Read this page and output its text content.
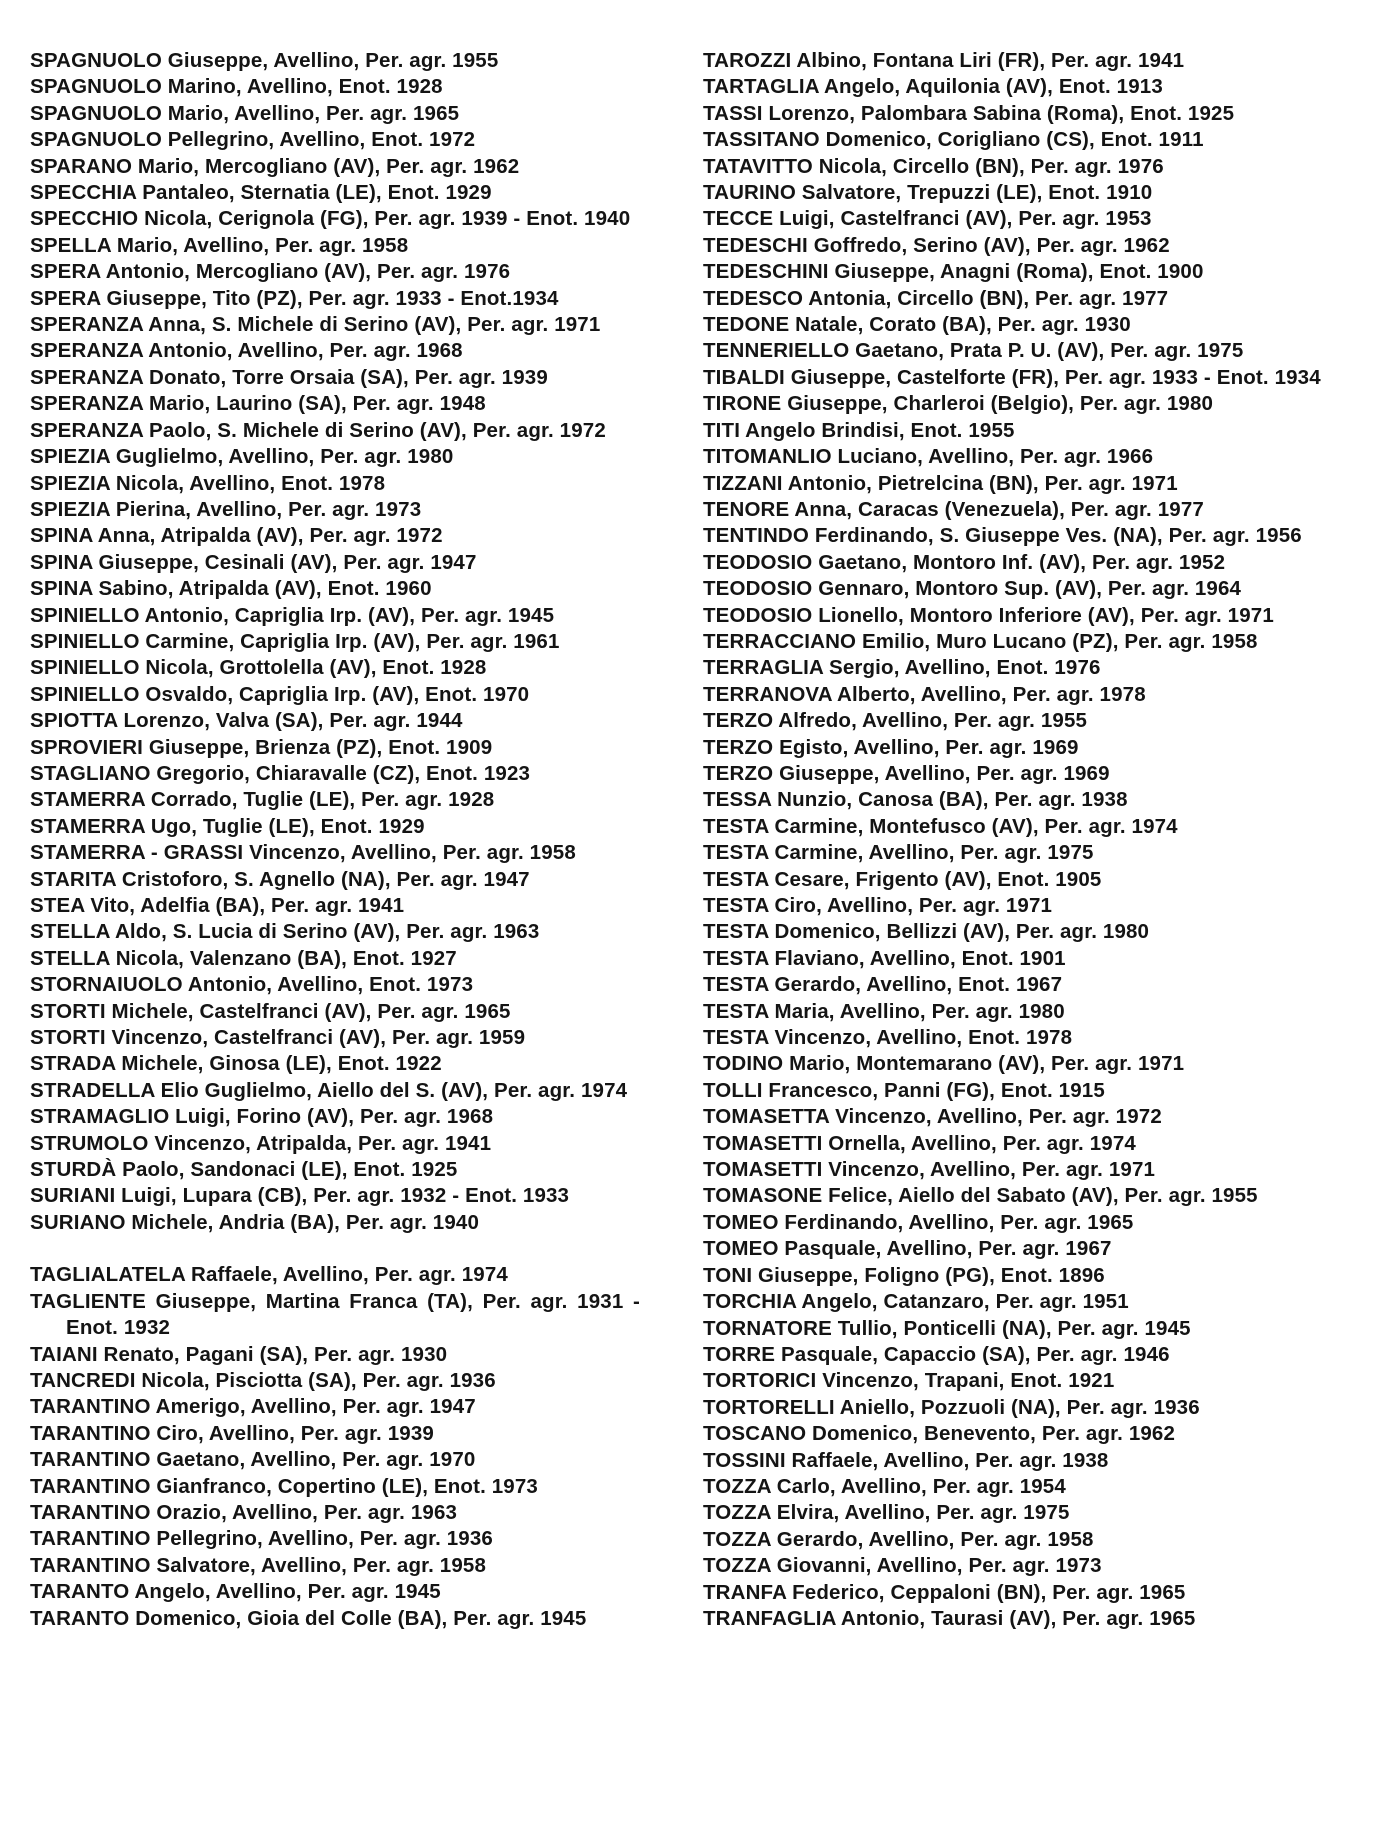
SPAGNUOLO Giuseppe, Avellino, Per. agr. 1955
SPAGNUOLO Marino, Avellino, Enot. 1928
SPAGNUOLO Mario, Avellino, Per. agr. 1965
SPAGNUOLO Pellegrino, Avellino, Enot. 1972
SPARANO Mario, Mercogliano (AV), Per. agr. 1962
SPECCHIA Pantaleo, Sternatia (LE), Enot. 1929
SPECCHIO Nicola, Cerignola (FG), Per. agr. 1939 - Enot. 1940
SPELLA Mario, Avellino, Per. agr. 1958
SPERA Antonio, Mercogliano (AV), Per. agr. 1976
SPERA Giuseppe, Tito (PZ), Per. agr. 1933 - Enot.1934
SPERANZA Anna, S. Michele di Serino (AV), Per. agr. 1971
SPERANZA Antonio, Avellino, Per. agr. 1968
SPERANZA Donato, Torre Orsaia (SA), Per. agr. 1939
SPERANZA Mario, Laurino (SA), Per. agr. 1948
SPERANZA Paolo, S. Michele di Serino (AV), Per. agr. 1972
SPIEZIA Guglielmo, Avellino, Per. agr. 1980
SPIEZIA Nicola, Avellino, Enot. 1978
SPIEZIA Pierina, Avellino, Per. agr. 1973
SPINA Anna, Atripalda (AV), Per. agr. 1972
SPINA Giuseppe, Cesinali (AV), Per. agr. 1947
SPINA Sabino, Atripalda (AV), Enot. 1960
SPINIELLO Antonio, Capriglia Irp. (AV), Per. agr. 1945
SPINIELLO Carmine, Capriglia Irp. (AV), Per. agr. 1961
SPINIELLO Nicola, Grottolella (AV), Enot. 1928
SPINIELLO Osvaldo, Capriglia Irp. (AV), Enot. 1970
SPIOTTA Lorenzo, Valva (SA), Per. agr. 1944
SPROVIERI Giuseppe, Brienza (PZ), Enot. 1909
STAGLIANO Gregorio, Chiaravalle (CZ), Enot. 1923
STAMERRA Corrado, Tuglie (LE), Per. agr. 1928
STAMERRA Ugo, Tuglie (LE), Enot. 1929
STAMERRA - GRASSI Vincenzo, Avellino, Per. agr. 1958
STARITA Cristoforo, S. Agnello (NA), Per. agr. 1947
STEA Vito, Adelfia (BA), Per. agr. 1941
STELLA Aldo, S. Lucia di Serino (AV), Per. agr. 1963
STELLA Nicola, Valenzano (BA), Enot. 1927
STORNAIUOLO Antonio, Avellino, Enot. 1973
STORTI Michele, Castelfranci (AV), Per. agr. 1965
STORTI Vincenzo, Castelfranci (AV), Per. agr. 1959
STRADA Michele, Ginosa (LE), Enot. 1922
STRADELLA Elio Guglielmo, Aiello del S. (AV), Per. agr. 1974
STRAMAGLIO Luigi, Forino (AV), Per. agr. 1968
STRUMOLO Vincenzo, Atripalda, Per. agr. 1941
STURDÀ Paolo, Sandonaci (LE), Enot. 1925
SURIANI Luigi, Lupara (CB), Per. agr. 1932 - Enot. 1933
SURIANO Michele, Andria (BA), Per. agr. 1940
TAGLIALATELA Raffaele, Avellino, Per. agr. 1974
TAGLIENTE Giuseppe, Martina Franca (TA), Per. agr. 1931 - Enot. 1932
TAIANI Renato, Pagani (SA), Per. agr. 1930
TANCREDI Nicola, Pisciotta (SA), Per. agr. 1936
TARANTINO Amerigo, Avellino, Per. agr. 1947
TARANTINO Ciro, Avellino, Per. agr. 1939
TARANTINO Gaetano, Avellino, Per. agr. 1970
TARANTINO Gianfranco, Copertino (LE), Enot. 1973
TARANTINO Orazio, Avellino, Per. agr. 1963
TARANTINO Pellegrino, Avellino, Per. agr. 1936
TARANTINO Salvatore, Avellino, Per. agr. 1958
TARANTO Angelo, Avellino, Per. agr. 1945
TARANTO Domenico, Gioia del Colle (BA), Per. agr. 1945
TAROZZI Albino, Fontana Liri (FR), Per. agr. 1941
TARTAGLIA Angelo, Aquilonia (AV), Enot. 1913
TASSI Lorenzo, Palombara Sabina (Roma), Enot. 1925
TASSITANO Domenico, Corigliano (CS), Enot. 1911
TATAVITTO Nicola, Circello (BN), Per. agr. 1976
TAURINO Salvatore, Trepuzzi (LE), Enot. 1910
TECCE Luigi, Castelfranci (AV), Per. agr. 1953
TEDESCHI Goffredo, Serino (AV), Per. agr. 1962
TEDESCHINI Giuseppe, Anagni (Roma), Enot. 1900
TEDESCO Antonia, Circello (BN), Per. agr. 1977
TEDONE Natale, Corato (BA), Per. agr. 1930
TENNERIELLO Gaetano, Prata P. U. (AV), Per. agr. 1975
TIBALDI Giuseppe, Castelforte (FR), Per. agr. 1933 - Enot. 1934
TIRONE Giuseppe, Charleroi (Belgio), Per. agr. 1980
TITI Angelo Brindisi, Enot. 1955
TITOMANLIO Luciano, Avellino, Per. agr. 1966
TIZZANI Antonio, Pietrelcina (BN), Per. agr. 1971
TENORE Anna, Caracas (Venezuela), Per. agr. 1977
TENTINDO Ferdinando, S. Giuseppe Ves. (NA), Per. agr. 1956
TEODOSIO Gaetano, Montoro Inf. (AV), Per. agr. 1952
TEODOSIO Gennaro, Montoro Sup. (AV), Per. agr. 1964
TEODOSIO Lionello, Montoro Inferiore (AV), Per. agr. 1971
TERRACCIANO Emilio, Muro Lucano (PZ), Per. agr. 1958
TERRAGLIA Sergio, Avellino, Enot. 1976
TERRANOVA Alberto, Avellino, Per. agr. 1978
TERZO Alfredo, Avellino, Per. agr. 1955
TERZO Egisto, Avellino, Per. agr. 1969
TERZO Giuseppe, Avellino, Per. agr. 1969
TESSA Nunzio, Canosa (BA), Per. agr. 1938
TESTA Carmine, Montefusco (AV), Per. agr. 1974
TESTA Carmine, Avellino, Per. agr. 1975
TESTA Cesare, Frigento (AV), Enot. 1905
TESTA Ciro, Avellino, Per. agr. 1971
TESTA Domenico, Bellizzi (AV), Per. agr. 1980
TESTA Flaviano, Avellino, Enot. 1901
TESTA Gerardo, Avellino, Enot. 1967
TESTA Maria, Avellino, Per. agr. 1980
TESTA Vincenzo, Avellino, Enot. 1978
TODINO Mario, Montemarano (AV), Per. agr. 1971
TOLLI Francesco, Panni (FG), Enot. 1915
TOMASETTA Vincenzo, Avellino, Per. agr. 1972
TOMASETTI Ornella, Avellino, Per. agr. 1974
TOMASETTI Vincenzo, Avellino, Per. agr. 1971
TOMASONE Felice, Aiello del Sabato (AV), Per. agr. 1955
TOMEO Ferdinando, Avellino, Per. agr. 1965
TOMEO Pasquale, Avellino, Per. agr. 1967
TONI Giuseppe, Foligno (PG), Enot. 1896
TORCHIA Angelo, Catanzaro, Per. agr. 1951
TORNATORE Tullio, Ponticelli (NA), Per. agr. 1945
TORRE Pasquale, Capaccio (SA), Per. agr. 1946
TORTORICI Vincenzo, Trapani, Enot. 1921
TORTORELLI Aniello, Pozzuoli (NA), Per. agr. 1936
TOSCANO Domenico, Benevento, Per. agr. 1962
TOSSINI Raffaele, Avellino, Per. agr. 1938
TOZZA Carlo, Avellino, Per. agr. 1954
TOZZA Elvira, Avellino, Per. agr. 1975
TOZZA Gerardo, Avellino, Per. agr. 1958
TOZZA Giovanni, Avellino, Per. agr. 1973
TRANFA Federico, Ceppaloni (BN), Per. agr. 1965
TRANFAGLIA Antonio, Taurasi (AV), Per. agr. 1965
